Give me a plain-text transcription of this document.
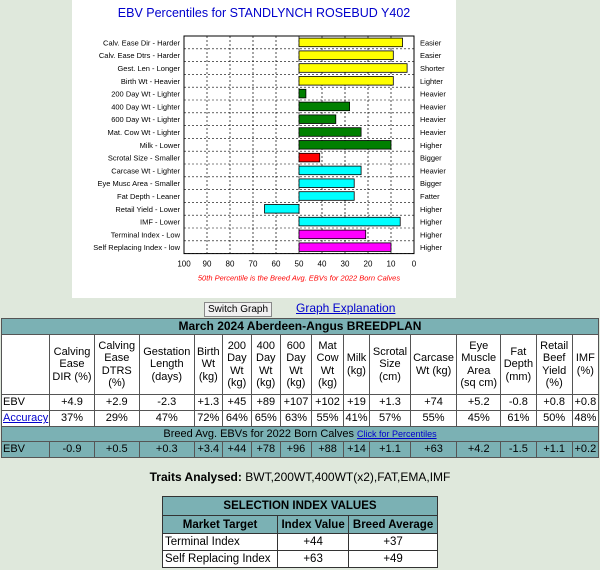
EBV Percentiles for STANDLYNCH ROSEBUD Y402
Calv. Ease Dir - Harder	Easier
Calv. Ease Dtrs - Harder	Easier
Gest. Len - Longer	Shorter
Birth Wt - Heavier	Lighter
200 Day Wt - Lighter	Heavier
400 Day Wt - Lighter	Heavier
600 Day Wt - Lighter	Heavier
Mat. Cow Wt - Lighter	Heavier
Milk - Lower	Higher
Scrotal Size - Smaller	Bigger
Carcase Wt - Lighter	Heavier
Eye Musc Area - Smaller	Bigger
Fat Depth - Leaner	Fatter
Retail Yield - Lower	Higher
IMF - Lower	Higher
Terminal Index - Low	Higher
Self Replacing Index - low	Higher
100 90 80 70 60 50 40 30 20 10 0
50th Percentile is the Breed Avg. EBVs for 2022 Born Calves
Switch Graph	Graph Explanation
March 2024 Aberdeen-Angus BREEDPLAN															
	Calving Ease DIR (%)	Calving Ease DTRS (%)	Gestation Length (days)	Birth Wt (kg)	200 Day Wt (kg)	400 Day Wt (kg)	600 Day Wt (kg)	Mat Cow Wt (kg)	Milk (kg)	Scrotal Size (cm)	Carcase Wt (kg)	Eye Muscle Area (sq cm)	Fat Depth (mm)	Retail Beef Yield (%)	IMF (%)
EBV	+4.9	+2.9	-2.3	+1.3	+45	+89	+107	+102	+19	+1.3	+74	+5.2	-0.8	+0.8	+0.8
Accuracy	37%	29%	47%	72%	64%	65%	63%	55%	41%	57%	55%	45%	61%	50%	48%
Breed Avg. EBVs for 2022 Born Calves Click for Percentiles															
EBV	-0.9	+0.5	+0.3	+3.4	+44	+78	+96	+88	+14	+1.1	+63	+4.2	-1.5	+1.1	+0.2
Traits Analysed: BWT,200WT,400WT(x2),FAT,EMA,IMF
SELECTION INDEX VALUES		
Market Target	Index Value	Breed Average
Terminal Index	+44	+37
Self Replacing Index	+63	+49
